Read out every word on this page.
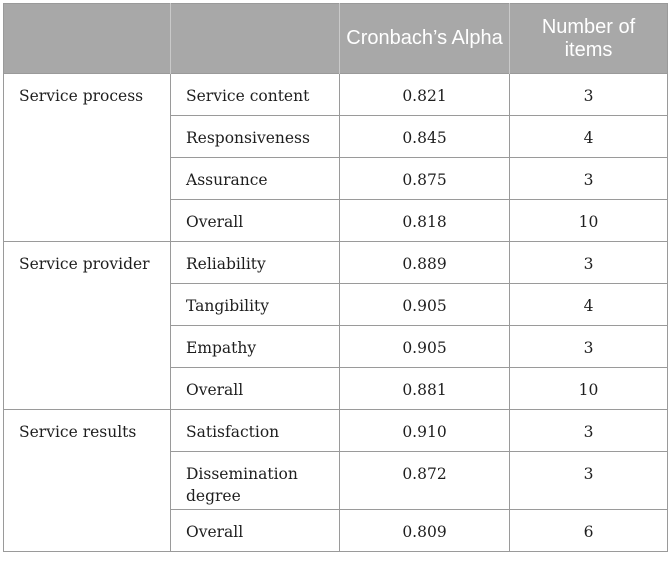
		Cronbach’s Alpha	Number of items
Service process	Service content	0.821	3
	Responsiveness	0.845	4
	Assurance	0.875	3
	Overall	0.818	10
Service provider	Reliability	0.889	3
	Tangibility	0.905	4
	Empathy	0.905	3
	Overall	0.881	10
Service results	Satisfaction	0.910	3
	Dissemination degree	0.872	3
	Overall	0.809	6
